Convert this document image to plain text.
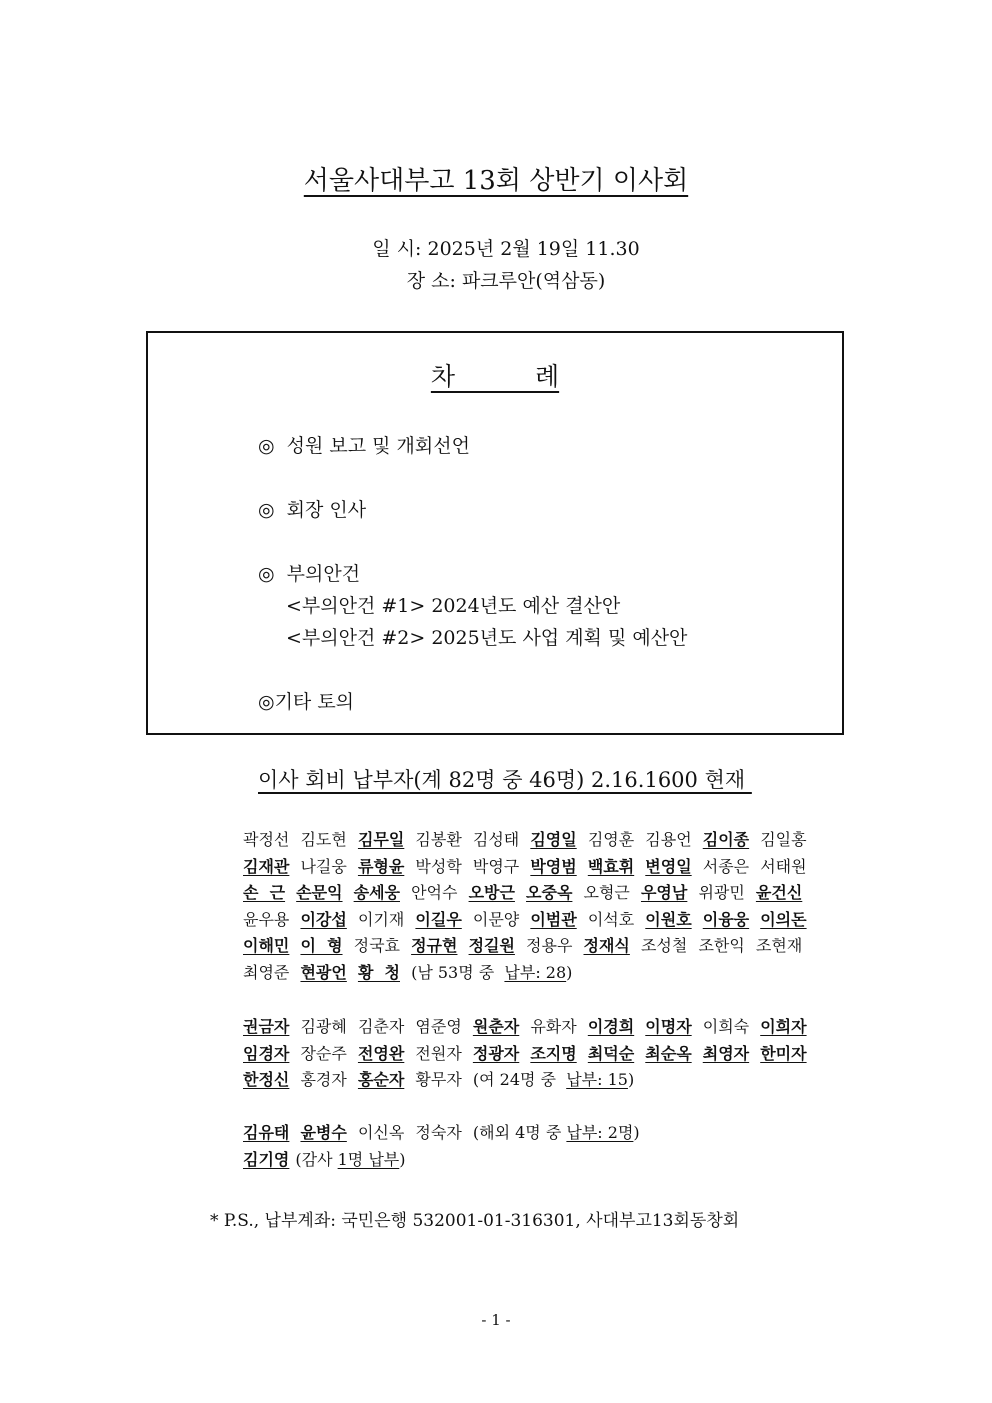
서울사대부고 13회 상반기 이사회
일 시: 2025년 2월 19일 11.30
장 소: 파크루안(역삼동)
차 례
◎  성원 보고 및 개회선언
◎  회장 인사
◎  부의안건
<부의안건 #1> 2024년도 예산 결산안
<부의안건 #2> 2025년도 사업 계획 및 예산안
◎기타 토의
이사 회비 납부자(계 82명 중 46명) 2.16.1600 현재
곽정선 김도현 김무일 김봉환 김성태 김영일 김영훈 김용언 김이종 김일홍 김재관 나길웅 류형윤 박성학 박영구 박영범 백효휘 변영일 서종은 서태원 손  근 손문익 송세웅 안억수 오방근 오중옥 오형근 우영남 위광민 윤건신 윤우용 이강섭 이기재 이길우 이문양 이범관 이석호 이원호 이융웅 이의돈 이해민 이  형 정국효 정규현 정길원 정용우 정재식 조성철 조한익 조현재 최영준 현광언 황  청 (남 53명 중  납부: 28)
권금자 김광혜 김춘자 염준영 원춘자 유화자 이경희 이명자 이희숙 이희자 임경자 장순주 전영완 전원자 정광자 조지명 최덕순 최순옥 최영자 한미자 한정신 홍경자 홍순자 황무자 (여 24명 중  납부: 15)
김유태 윤병수 이신옥 정숙자 (해외 4명 중 납부: 2명)
김기영 (감사 1명 납부)
* P.S., 납부계좌: 국민은행 532001-01-316301, 사대부고13회동창회
- 1 -
